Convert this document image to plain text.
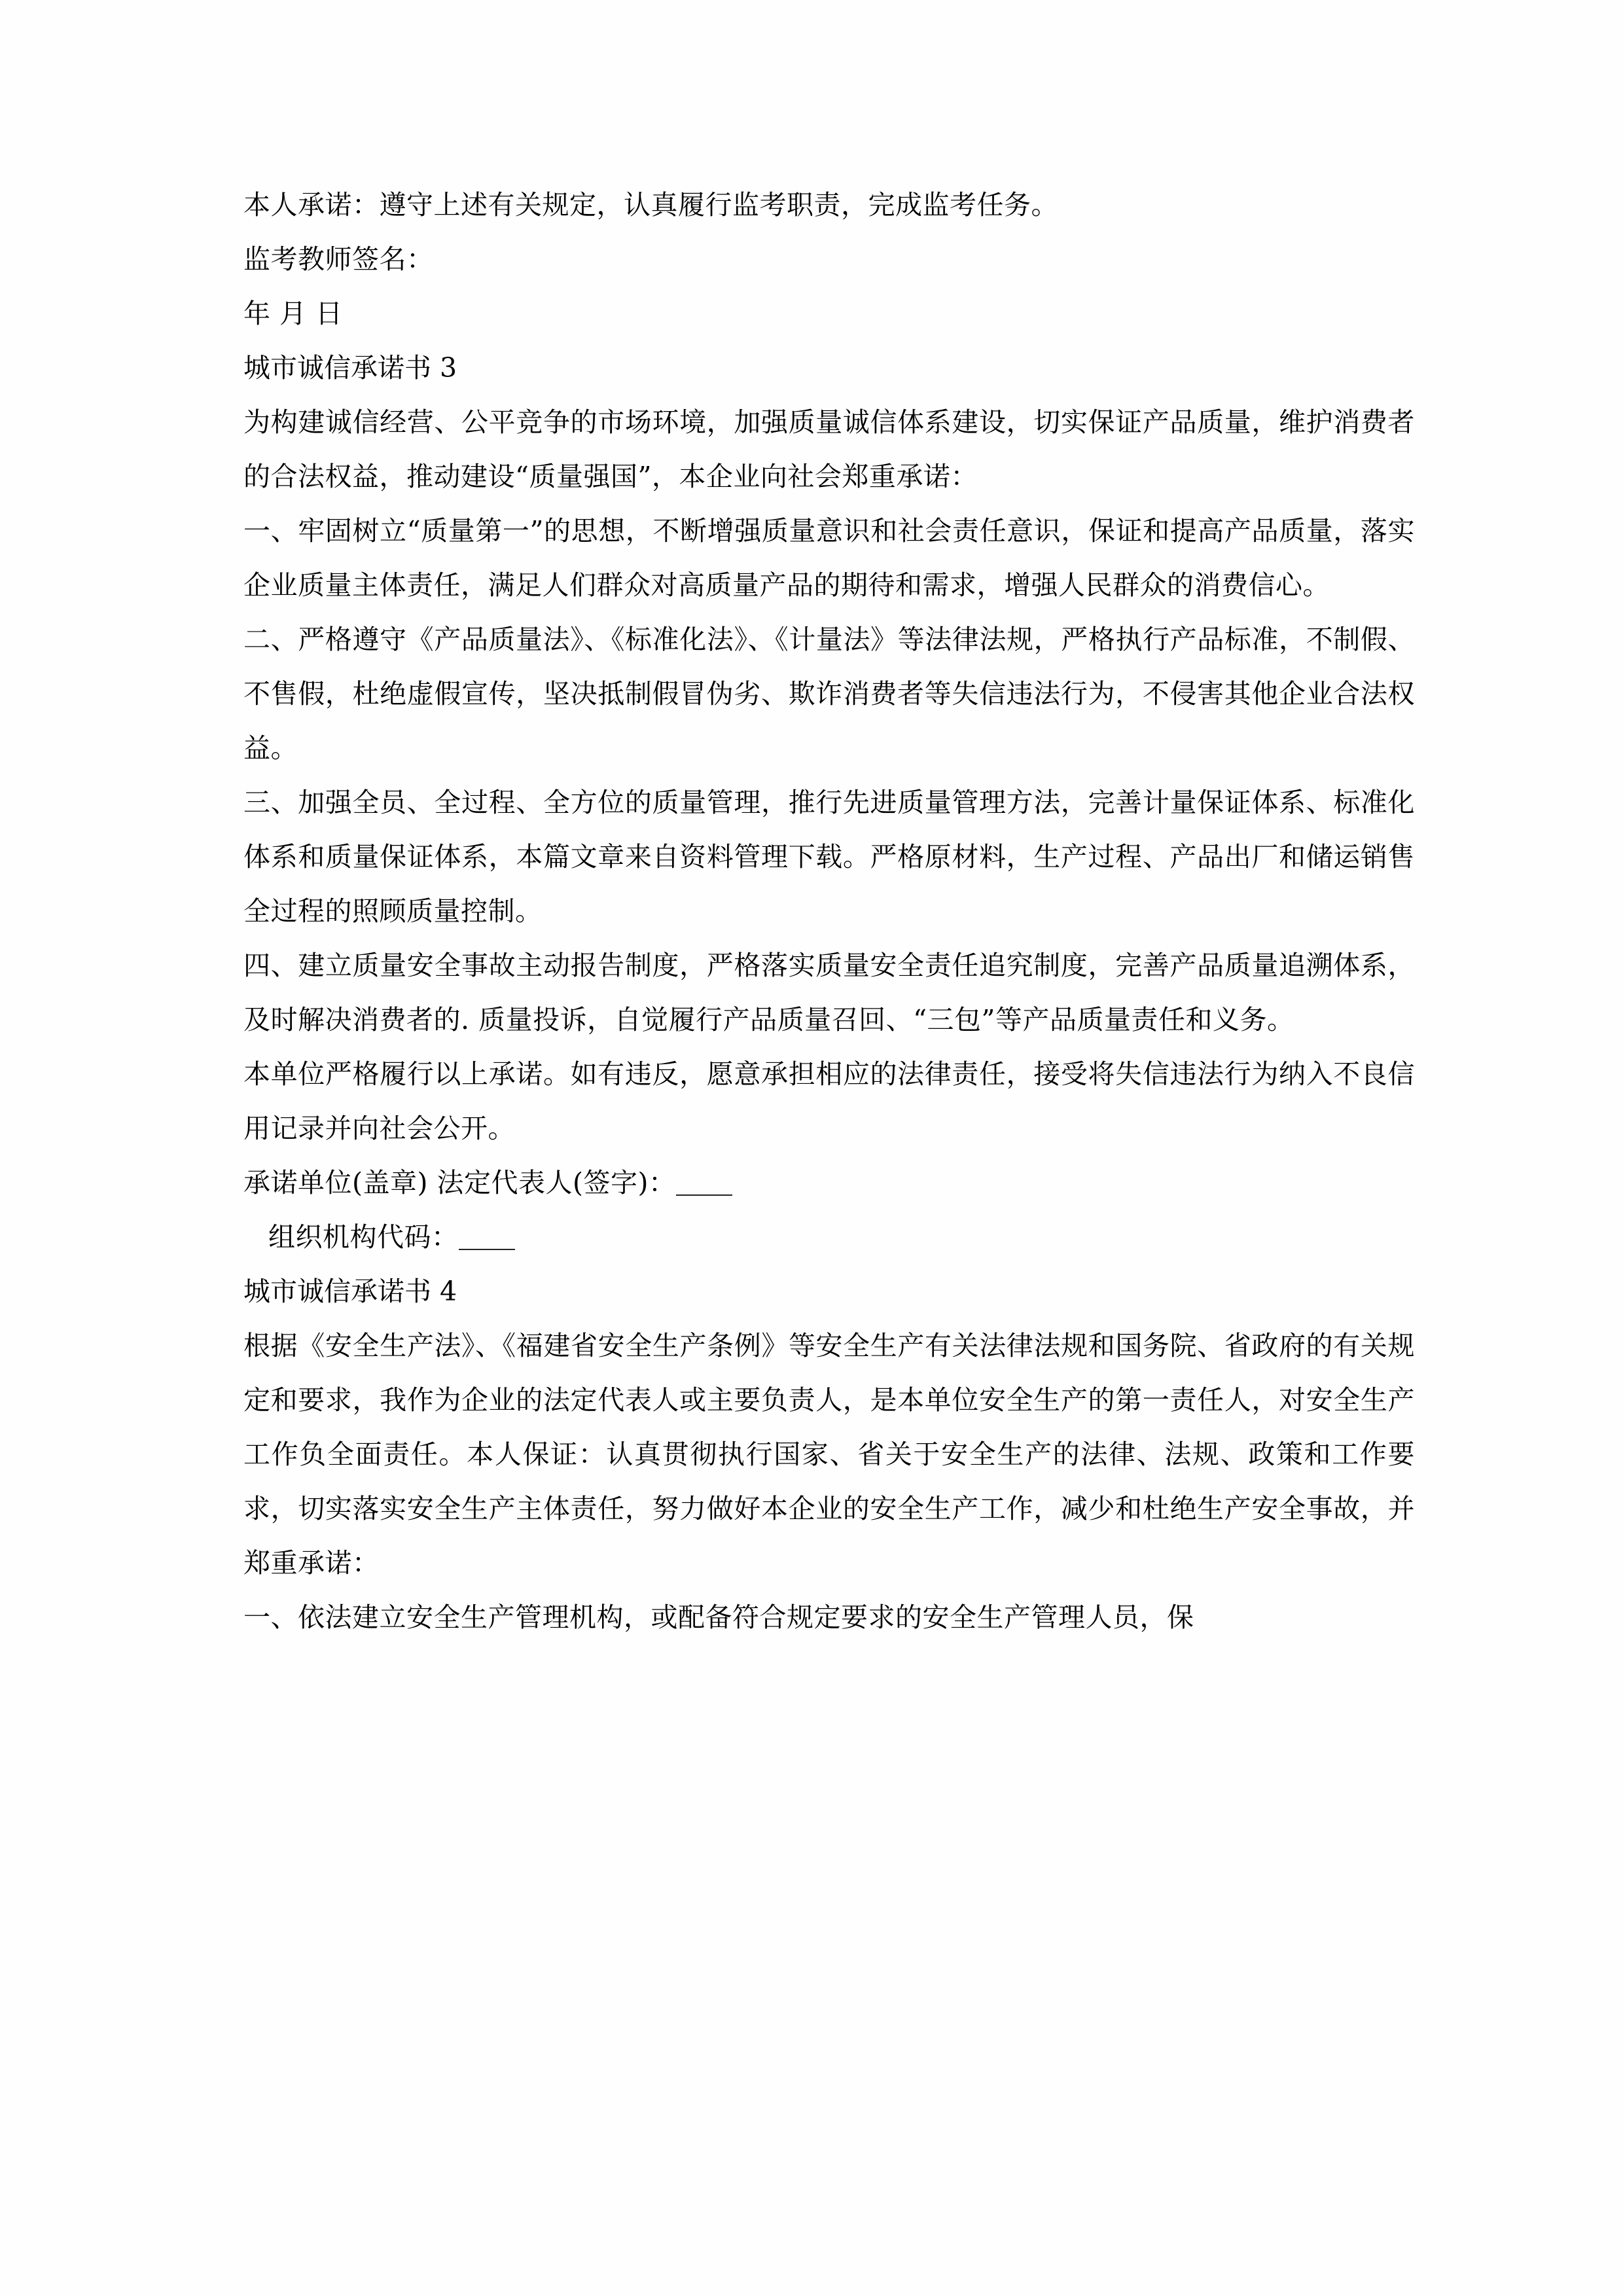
本人承诺：遵守上述有关规定，认真履行监考职责，完成监考任务。

监考教师签名：

年 月 日

城市诚信承诺书 3

为构建诚信经营、公平竞争的市场环境，加强质量诚信体系建设，切实保证产品质量，维护消费者的合法权益，推动建设“质量强国”，本企业向社会郑重承诺：

一、牢固树立“质量第一”的思想，不断增强质量意识和社会责任意识，保证和提高产品质量，落实企业质量主体责任，满足人们群众对高质量产品的期待和需求，增强人民群众的消费信心。

二、严格遵守《产品质量法》、《标准化法》、《计量法》等法律法规，严格执行产品标准，不制假、不售假，杜绝虚假宣传，坚决抵制假冒伪劣、欺诈消费者等失信违法行为，不侵害其他企业合法权益。

三、加强全员、全过程、全方位的质量管理，推行先进质量管理方法，完善计量保证体系、标准化体系和质量保证体系，本篇文章来自资料管理下载。严格原材料，生产过程、产品出厂和储运销售全过程的照顾质量控制。

四、建立质量安全事故主动报告制度，严格落实质量安全责任追究制度，完善产品质量追溯体系，及时解决消费者的. 质量投诉，自觉履行产品质量召回、“三包”等产品质量责任和义务。

本单位严格履行以上承诺。如有违反，愿意承担相应的法律责任，接受将失信违法行为纳入不良信用记录并向社会公开。

承诺单位(盖章) 法定代表人(签字)：

组织机构代码：

城市诚信承诺书 4

根据《安全生产法》、《福建省安全生产条例》等安全生产有关法律法规和国务院、省政府的有关规定和要求，我作为企业的法定代表人或主要负责人，是本单位安全生产的第一责任人，对安全生产工作负全面责任。本人保证：认真贯彻执行国家、省关于安全生产的法律、法规、政策和工作要求，切实落实安全生产主体责任，努力做好本企业的安全生产工作，减少和杜绝生产安全事故，并郑重承诺：

一、依法建立安全生产管理机构，或配备符合规定要求的安全生产管理人员，保
